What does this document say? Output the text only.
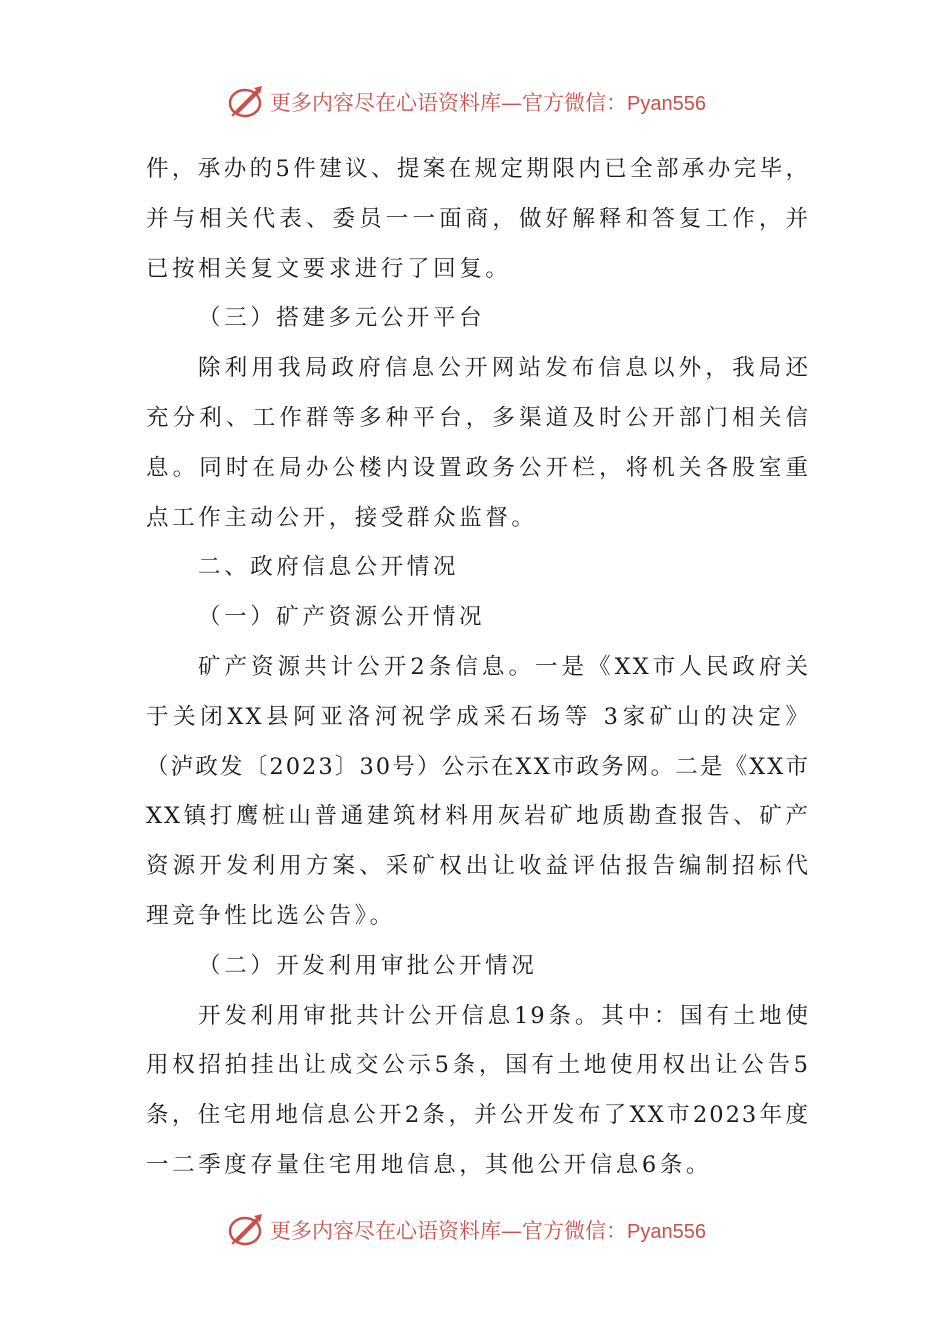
更多内容尽在心语资料库—官方微信：Pyan556
件，承办的5件建议、提案在规定期限内已全部承办完毕，
并与相关代表、委员一一面商，做好解释和答复工作，并
已按相关复文要求进行了回复。
（三）搭建多元公开平台
除利用我局政府信息公开网站发布信息以外，我局还
充分利、工作群等多种平台，多渠道及时公开部门相关信
息。同时在局办公楼内设置政务公开栏，将机关各股室重
点工作主动公开，接受群众监督。
二、政府信息公开情况
（一）矿产资源公开情况
矿产资源共计公开2条信息。一是《XX市人民政府关
于关闭XX县阿亚洛河祝学成采石场等 3家矿山的决定》
（泸政发〔2023〕30号）公示在XX市政务网。二是《XX市
XX镇打鹰桩山普通建筑材料用灰岩矿地质勘查报告、矿产
资源开发利用方案、采矿权出让收益评估报告编制招标代
理竞争性比选公告》。
（二）开发利用审批公开情况
开发利用审批共计公开信息19条。其中：国有土地使
用权招拍挂出让成交公示5条，国有土地使用权出让公告5
条，住宅用地信息公开2条，并公开发布了XX市2023年度
一二季度存量住宅用地信息，其他公开信息6条。
更多内容尽在心语资料库—官方微信：Pyan556
